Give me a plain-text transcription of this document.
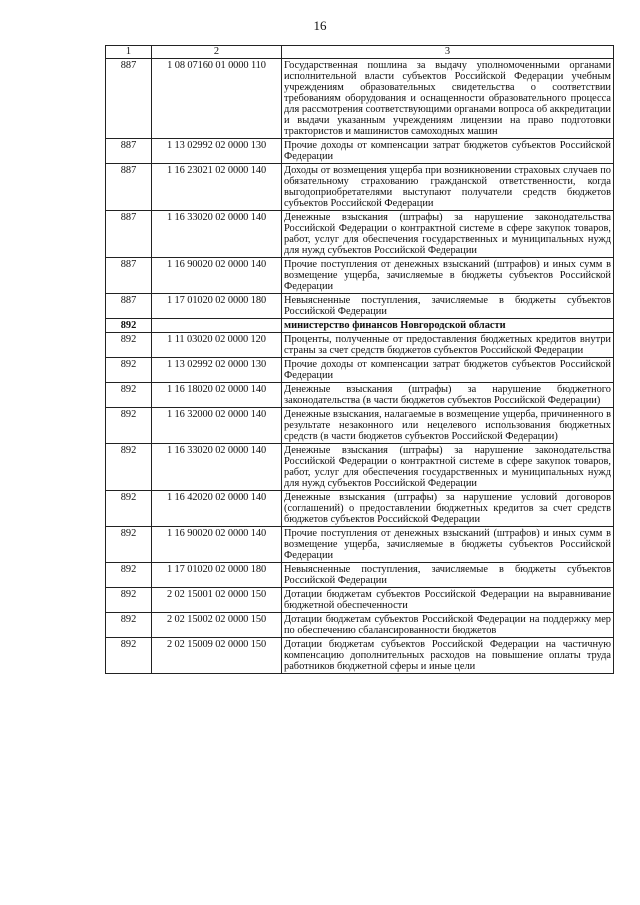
16
1	2	3
887	1 08 07160 01 0000 110	Государственная пошлина за выдачу уполномоченными органами исполнительной власти субъектов Российской Федерации учебным учреждениям образовательных свидетельства о соответствии требованиям оборудования и оснащенности образовательного процесса для рассмотрения соответствующими органами вопроса об аккредитации и выдачи указанным учреждениям лицензии на право подготовки трактористов и машинистов самоходных машин
887	1 13 02992 02 0000 130	Прочие доходы от компенсации затрат бюджетов субъектов Российской Федерации
887	1 16 23021 02 0000 140	Доходы от возмещения ущерба при возникновении страховых случаев по обязательному страхованию гражданской ответственности, когда выгодоприобретателями выступают получатели средств бюджетов субъектов Российской Федерации
887	1 16 33020 02 0000 140	Денежные взыскания (штрафы) за нарушение законодательства Российской Федерации о контрактной системе в сфере закупок товаров, работ, услуг для обеспечения государственных и муниципальных нужд для нужд субъектов Российской Федерации
887	1 16 90020 02 0000 140	Прочие поступления от денежных взысканий (штрафов) и иных сумм в возмещение ущерба, зачисляемые в бюджеты субъектов Российской Федерации
887	1 17 01020 02 0000 180	Невыясненные поступления, зачисляемые в бюджеты субъектов Российской Федерации
892		министерство финансов Новгородской области
892	1 11 03020 02 0000 120	Проценты, полученные от предоставления бюджетных кредитов внутри страны за счет средств бюджетов субъектов Российской Федерации
892	1 13 02992 02 0000 130	Прочие доходы от компенсации затрат бюджетов субъектов Российской Федерации
892	1 16 18020 02 0000 140	Денежные взыскания (штрафы) за нарушение бюджетного законодательства (в части бюджетов субъектов Российской Федерации)
892	1 16 32000 02 0000 140	Денежные взыскания, налагаемые в возмещение ущерба, причиненного в результате незаконного или нецелевого использования бюджетных средств (в части бюджетов субъектов Российской Федерации)
892	1 16 33020 02 0000 140	Денежные взыскания (штрафы) за нарушение законодательства Российской Федерации о контрактной системе в сфере закупок товаров, работ, услуг для обеспечения государственных и муниципальных нужд для нужд субъектов Российской Федерации
892	1 16 42020 02 0000 140	Денежные взыскания (штрафы) за нарушение условий договоров (соглашений) о предоставлении бюджетных кредитов за счет средств бюджетов субъектов Российской Федерации
892	1 16 90020 02 0000 140	Прочие поступления от денежных взысканий (штрафов) и иных сумм в возмещение ущерба, зачисляемые в бюджеты субъектов Российской Федерации
892	1 17 01020 02 0000 180	Невыясненные поступления, зачисляемые в бюджеты субъектов Российской Федерации
892	2 02 15001 02 0000 150	Дотации бюджетам субъектов Российской Федерации на выравнивание бюджетной обеспеченности
892	2 02 15002 02 0000 150	Дотации бюджетам субъектов Российской Федерации на поддержку мер по обеспечению сбалансированности бюджетов
892	2 02 15009 02 0000 150	Дотации бюджетам субъектов Российской Федерации на частичную компенсацию дополнительных расходов на повышение оплаты труда работников бюджетной сферы и иные цели
